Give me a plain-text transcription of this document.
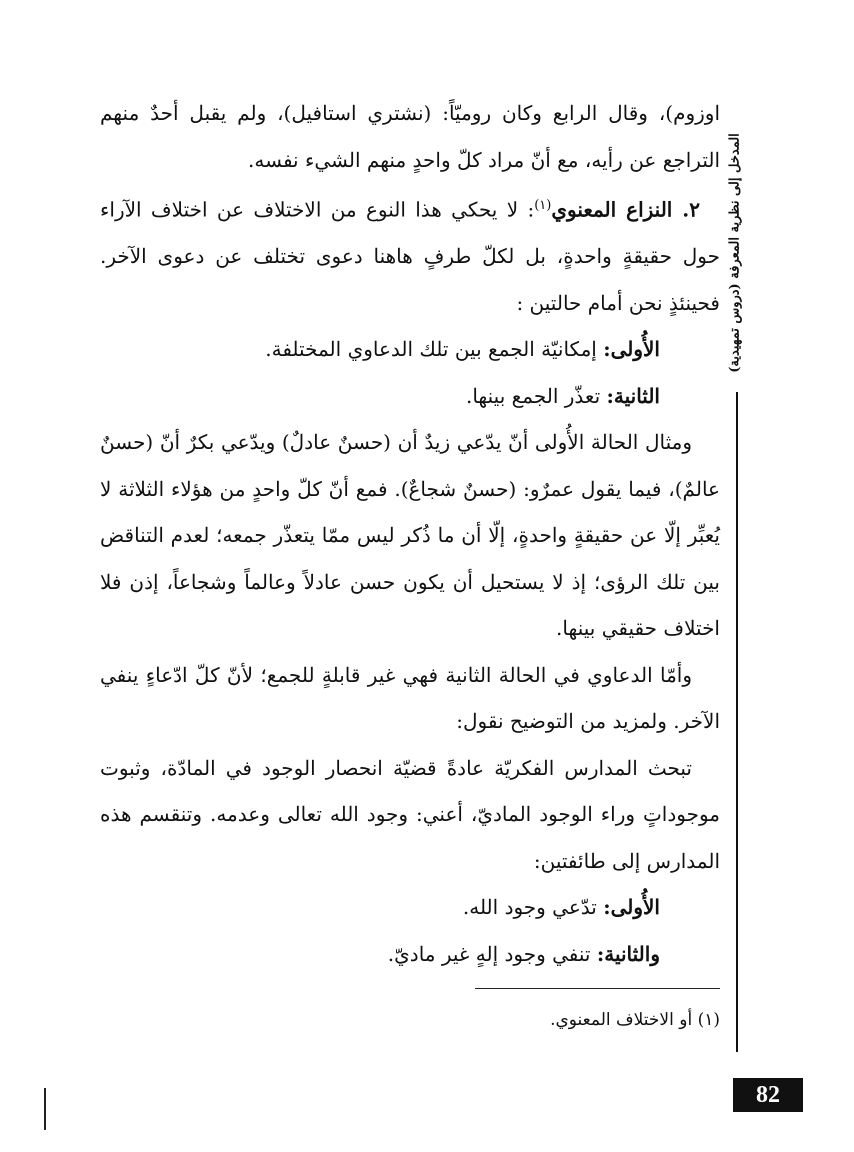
المدخل إلى نظرية المعرفة (دروس تمهيدية)

اوزوم)، وقال الرابع وكان روميّاً: (نشتري استافيل)، ولم يقبل أحدٌ منهم التراجع عن رأيه، مع أنّ مراد كلّ واحدٍ منهم الشيء نفسه.

٢. النزاع المعنوي$^{(١)}$: لا يحكي هذا النوع من الاختلاف عن اختلاف الآراء حول حقيقةٍ واحدةٍ، بل لكلّ طرفٍ هاهنا دعوى تختلف عن دعوى الآخر. فحينئذٍ نحن أمام حالتين :

الأُولى: إمكانيّة الجمع بين تلك الدعاوي المختلفة.

الثانية: تعذّر الجمع بينها.

ومثال الحالة الأُولى أنّ يدّعي زيدٌ أن (حسنٌ عادلٌ) ويدّعي بكرٌ أنّ (حسنٌ عالمٌ)، فيما يقول عمرٌو: (حسنٌ شجاعٌ). فمع أنّ كلّ واحدٍ من هؤلاء الثلاثة لا يُعبِّر إلّا عن حقيقةٍ واحدةٍ، إلّا أن ما ذُكر ليس ممّا يتعذّر جمعه؛ لعدم التناقض بين تلك الرؤى؛ إذ لا يستحيل أن يكون حسن عادلاً وعالماً وشجاعاً، إذن فلا اختلاف حقيقي بينها.

وأمّا الدعاوي في الحالة الثانية فهي غير قابلةٍ للجمع؛ لأنّ كلّ ادّعاءٍ ينفي الآخر. ولمزيد من التوضيح نقول:

تبحث المدارس الفكريّة عادةً قضيّة انحصار الوجود في المادّة، وثبوت موجوداتٍ وراء الوجود الماديّ، أعني: وجود الله تعالى وعدمه. وتنقسم هذه المدارس إلى طائفتين:

الأُولى: تدّعي وجود الله.

والثانية: تنفي وجود إلهٍ غير ماديّ.

(١) أو الاختلاف المعنوي.
82
